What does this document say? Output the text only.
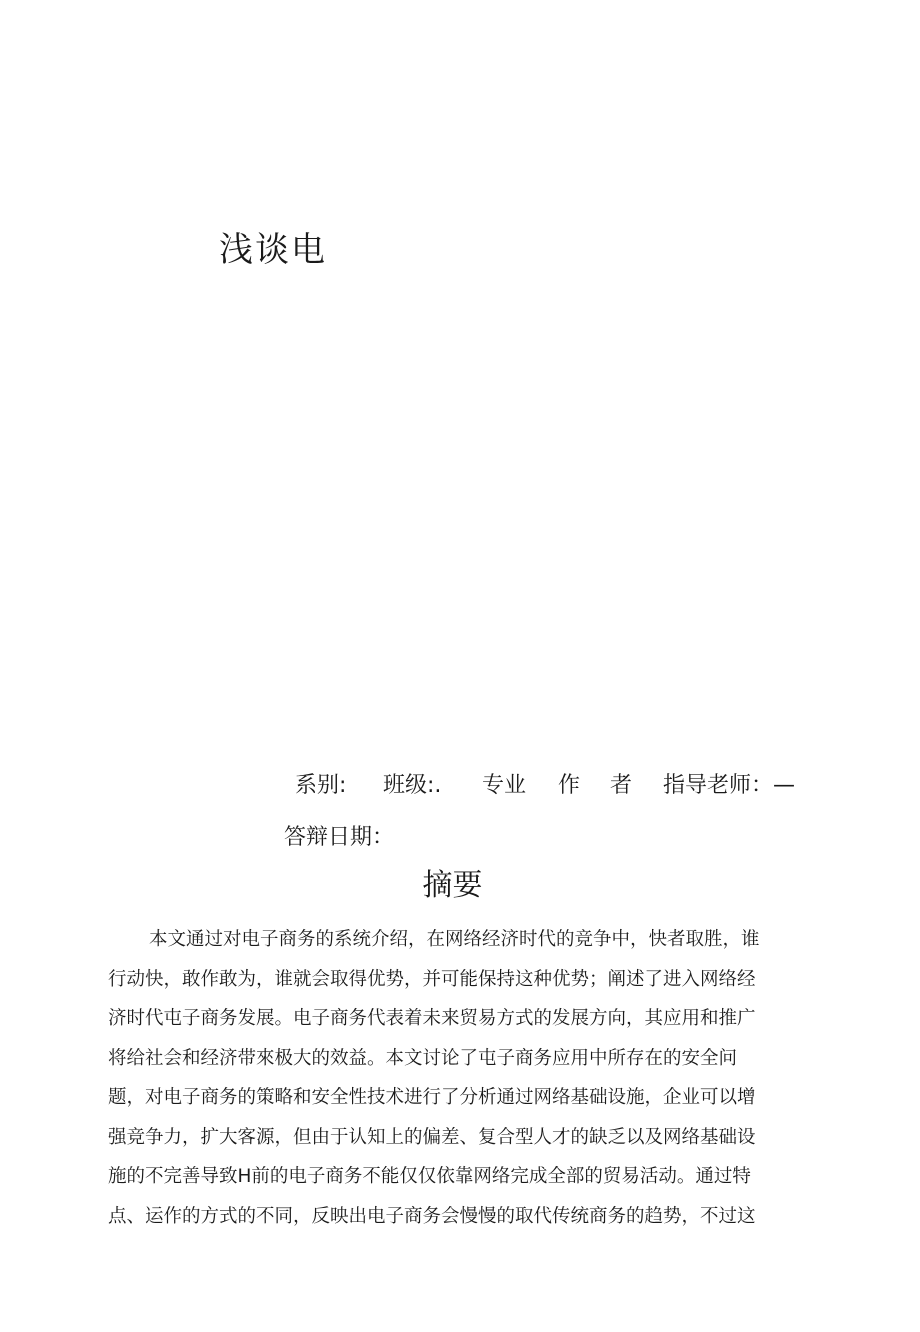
浅谈电
系别: 班级:. 专业 作 者 指导老师：—
答辩日期：
摘要
本文通过对电子商务的系统介绍，在网络经济时代的竞争中，快者取胜，谁
行动快，敢作敢为，谁就会取得优势，并可能保持这种优势；阐述了进入网络经
济时代屯子商务发展。电子商务代表着未来贸易方式的发展方向，其应用和推广
将给社会和经济带來极大的效益。本文讨论了屯子商务应用中所存在的安全问
题，对电子商务的策略和安全性技术进行了分析通过网络基础设施，企业可以增
强竞争力，扩大客源，但由于认知上的偏差、复合型人才的缺乏以及网络基础设
施的不完善导致H前的电子商务不能仅仅依靠网络完成全部的贸易活动。通过特
点、运作的方式的不同，反映出电子商务会慢慢的取代传统商务的趋势，不过这
